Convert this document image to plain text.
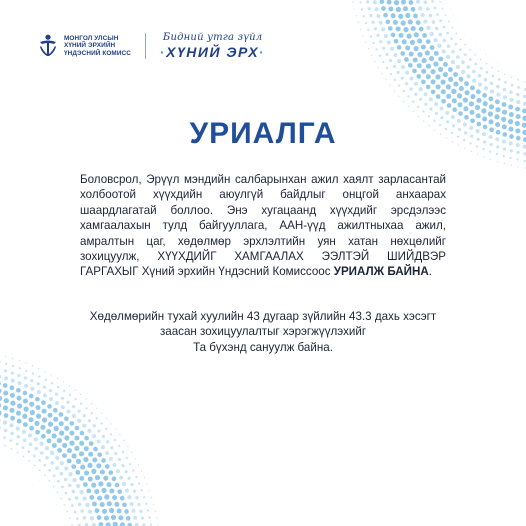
МОНГОЛ УЛСЫН
ХҮНИЙ ЭРХИЙН
ҮНДЭСНИЙ КОМИСС
Бидний утга зүйл
·ХҮНИЙ ЭРХ·
УРИАЛГА

Боловсрол, Эрүүл мэндийн салбарынхан ажил хаялт зарласантай холбоотой хүүхдийн аюулгүй байдлыг онцгой анхаарах шаардлагатай боллоо. Энэ хугацаанд хүүхдийг эрсдэлээс хамгаалахын тулд байгууллага, ААН-үүд ажилтныхаа ажил, амралтын цаг, хөдөлмөр эрхлэлтийн уян хатан нөхцөлийг зохицуулж, ХҮҮХДИЙГ ХАМГААЛАХ ЭЭЛТЭЙ ШИЙДВЭР ГАРГАХЫГ Хүний эрхийн Үндэсний Комиссоос УРИАЛЖ БАЙНА.

Хөдөлмөрийн тухай хуулийн 43 дугаар зүйлийн 43.3 дахь хэсэгт
заасан зохицуулалтыг хэрэгжүүлэхийг
Та бүхэнд сануулж байна.
